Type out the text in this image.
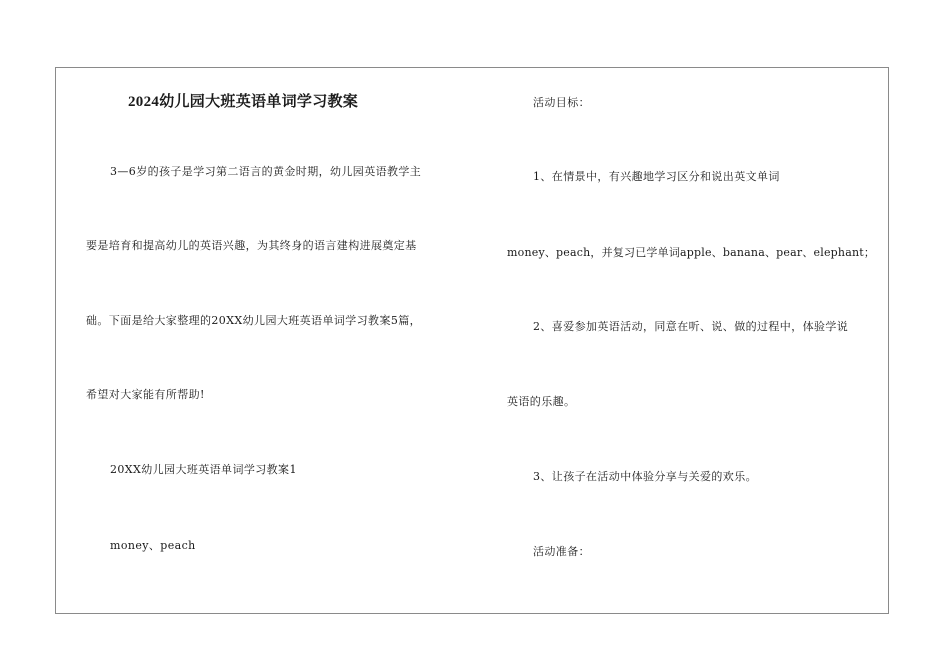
2024幼儿园大班英语单词学习教案
3—6岁的孩子是学习第二语言的黄金时期，幼儿园英语教学主
要是培育和提高幼儿的英语兴趣，为其终身的语言建构进展奠定基
础。下面是给大家整理的20XX幼儿园大班英语单词学习教案5篇，
希望对大家能有所帮助!
20XX幼儿园大班英语单词学习教案1
money、peach
活动目标：
1、在情景中，有兴趣地学习区分和说出英文单词
money、peach，并复习已学单词apple、banana、pear、elephant；
2、喜爱参加英语活动，同意在听、说、做的过程中，体验学说
英语的乐趣。
3、让孩子在活动中体验分享与关爱的欢乐。
活动准备：
